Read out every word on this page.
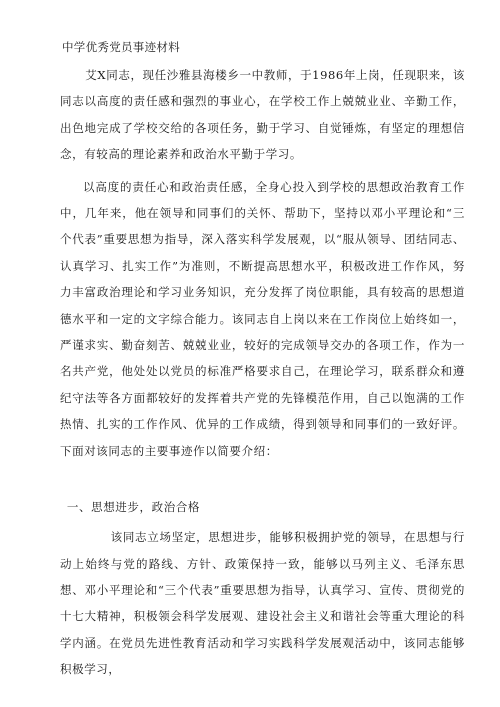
中学优秀党员事迹材料

艾X同志，现任沙雅县海楼乡一中教师，于1986年上岗，任现职来，该同志以高度的责任感和强烈的事业心，在学校工作上兢兢业业、辛勤工作，出色地完成了学校交给的各项任务，勤于学习、自觉锤炼，有坚定的理想信念，有较高的理论素养和政治水平勤于学习。

以高度的责任心和政治责任感，全身心投入到学校的思想政治教育工作中，几年来，他在领导和同事们的关怀、帮助下，坚持以邓小平理论和“三个代表”重要思想为指导，深入落实科学发展观，以“服从领导、团结同志、认真学习、扎实工作”为准则，不断提高思想水平，积极改进工作作风，努力丰富政治理论和学习业务知识，充分发挥了岗位职能，具有较高的思想道德水平和一定的文字综合能力。该同志自上岗以来在工作岗位上始终如一，严谨求实、勤奋刻苦、兢兢业业，较好的完成领导交办的各项工作，作为一名共产党，他处处以党员的标准严格要求自己，在理论学习，联系群众和遵纪守法等各方面都较好的发挥着共产党的先锋模范作用，自己以饱满的工作热情、扎实的工作作风、优异的工作成绩，得到领导和同事们的一致好评。下面对该同志的主要事迹作以简要介绍：

一、思想进步，政治合格

该同志立场坚定，思想进步，能够积极拥护党的领导，在思想与行动上始终与党的路线、方针、政策保持一致，能够以马列主义、毛泽东思想、邓小平理论和“三个代表”重要思想为指导，认真学习、宣传、贯彻党的十七大精神，积极领会科学发展观、建设社会主义和谐社会等重大理论的科学内涵。在党员先进性教育活动和学习实践科学发展观活动中，该同志能够积极学习，
